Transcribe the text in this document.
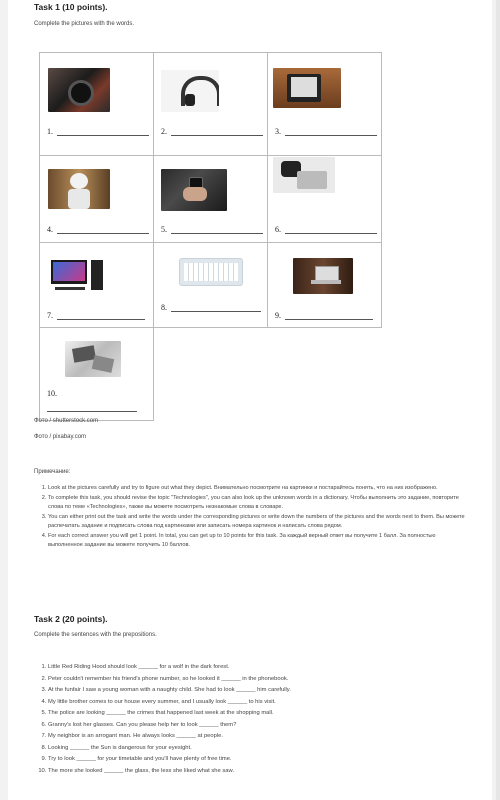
Task 1 (10 points).
Complete the pictures with the words.
1.	2.	3.

4.	5.	6.

7.	8.	9.

10.		

Фото / shutterstock.com
Фото / pixabay.com
Примечание:
1. Look at the pictures carefully and try to figure out what they depict. Внимательно посмотрите на картинки и постарайтесь понять, что на них изображено.
2. To complete this task, you should revise the topic "Technologies", you can also look up the unknown words in a dictionary. Чтобы выполнить это задание, повторите слова по теме «Technologies», также вы можете посмотреть незнакомые слова в словаре.
3. You can either print out the task and write the words under the corresponding pictures or write down the numbers of the pictures and the words next to them. Вы можете распечатать задание и подписать слова под картинками или записать номера картинок и написать слова рядом.
4. For each correct answer you will get 1 point. In total, you can get up to 10 points for this task. За каждый верный ответ вы получите 1 балл. За полностью выполненное задание вы можете получить 10 баллов.
Task 2 (20 points).
Complete the sentences with the prepositions.
1. Little Red Riding Hood should look ______ for a wolf in the dark forest.
2. Peter couldn't remember his friend's phone number, so he looked it ______ in the phonebook.
3. At the funfair I saw a young woman with a naughty child. She had to look ______ him carefully.
4. My little brother comes to our house every summer, and I usually look ______ to his visit.
5. The police are looking ______ the crimes that happened last week at the shopping mall.
6. Granny's lost her glasses. Can you please help her to look ______ them?
7. My neighbor is an arrogant man. He always looks ______ at people.
8. Looking ______ the Sun is dangerous for your eyesight.
9. Try to look ______ for your timetable and you'll have plenty of free time.
10. The more she looked ______ the glass, the less she liked what she saw.
